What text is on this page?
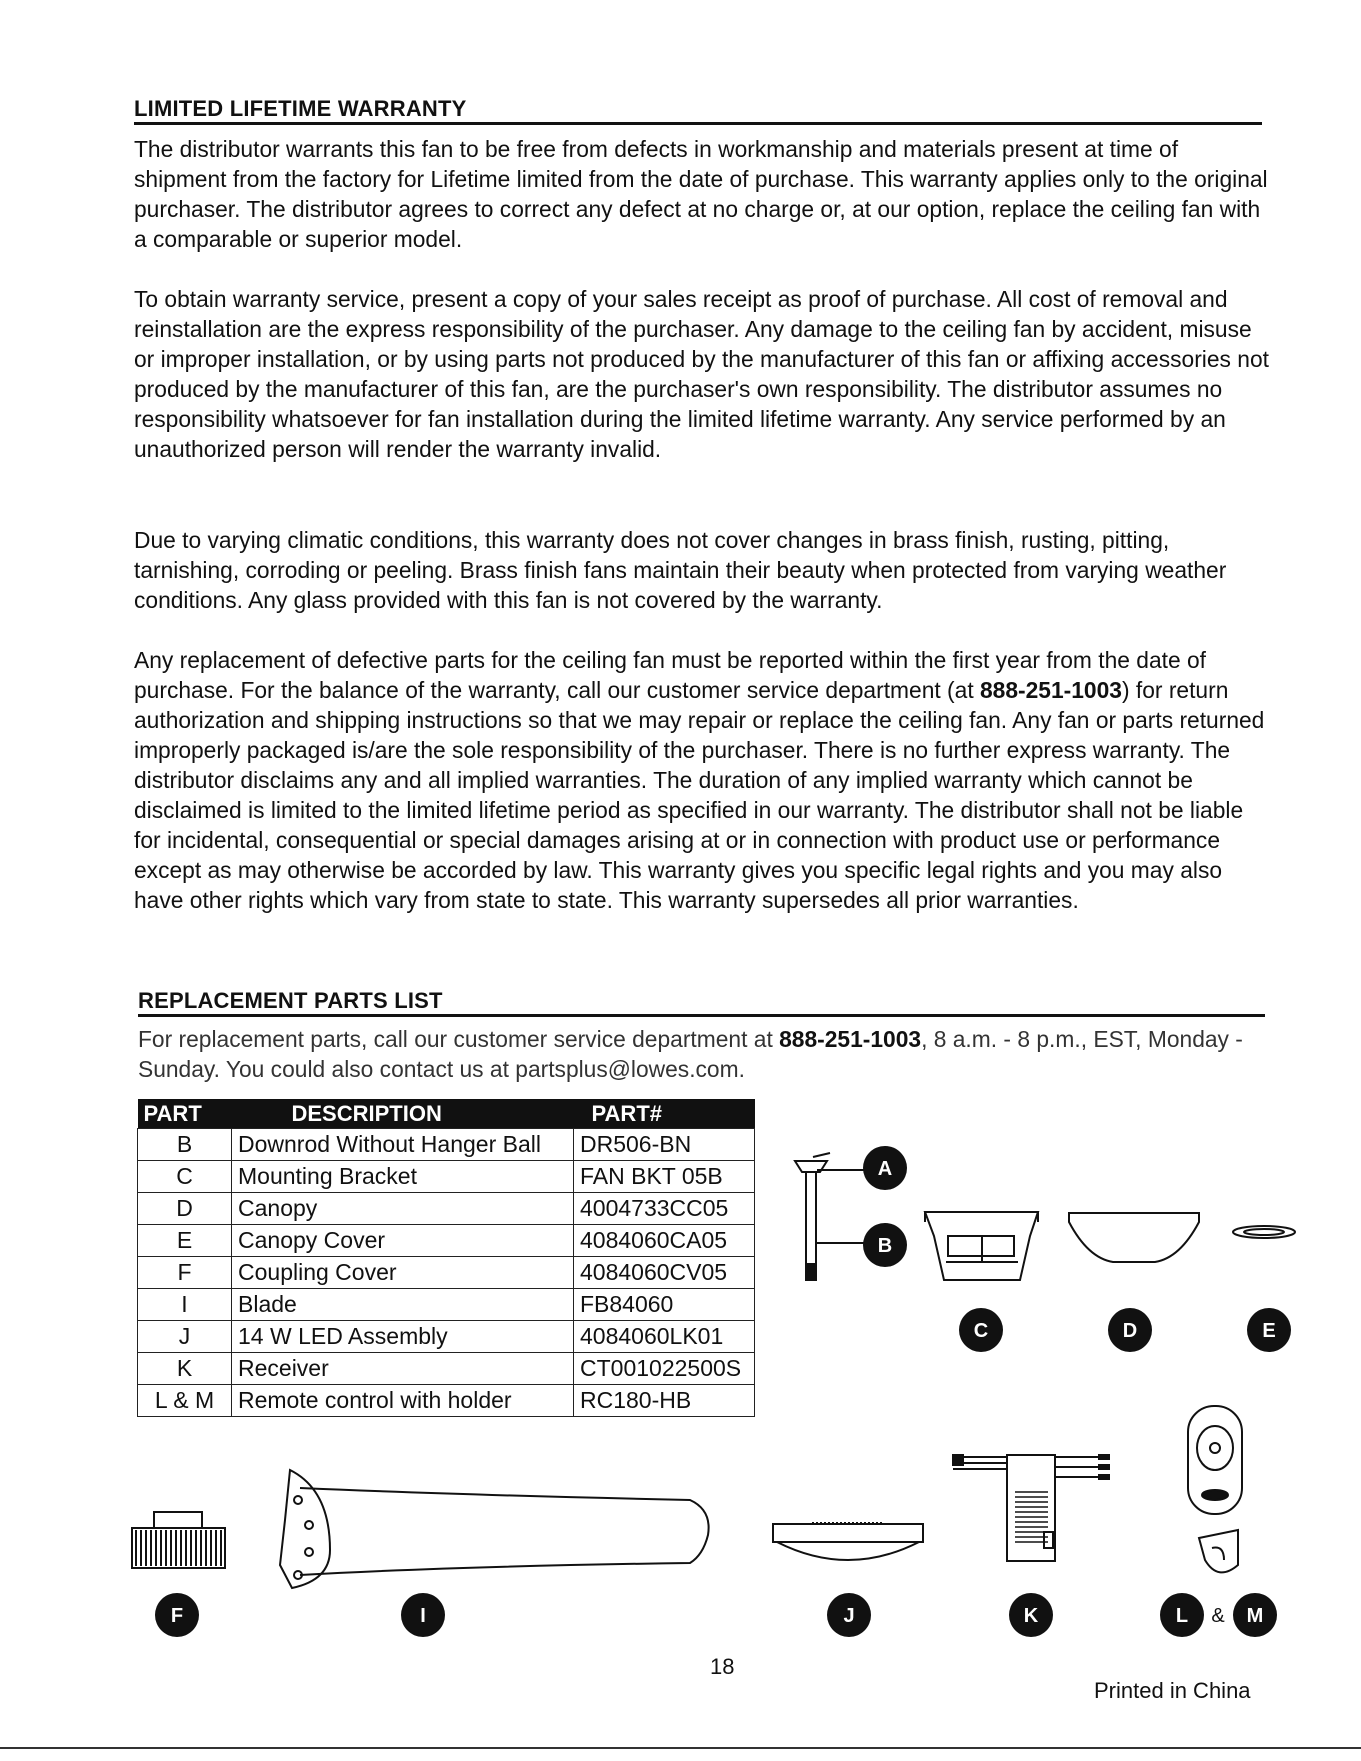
LIMITED LIFETIME WARRANTY

The distributor warrants this fan to be free from defects in workmanship and materials present at time of shipment from the factory for Lifetime limited from the date of purchase. This warranty applies only to the original purchaser. The distributor agrees to correct any defect at no charge or, at our option, replace the ceiling fan with a comparable or superior model.

To obtain warranty service, present a copy of your sales receipt as proof of purchase. All cost of removal and reinstallation are the express responsibility of the purchaser. Any damage to the ceiling fan by accident, misuse or improper installation, or by using parts not produced by the manufacturer of this fan or affixing accessories not produced by the manufacturer of this fan, are the purchaser's own responsibility. The distributor assumes no responsibility whatsoever for fan installation during the limited lifetime warranty. Any service performed by an unauthorized person will render the warranty invalid.

Due to varying climatic conditions, this warranty does not cover changes in brass finish, rusting, pitting, tarnishing, corroding or peeling. Brass finish fans maintain their beauty when protected from varying weather conditions. Any glass provided with this fan is not covered by the warranty.

Any replacement of defective parts for the ceiling fan must be reported within the first year from the date of purchase. For the balance of the warranty, call our customer service department (at 888-251-1003) for return authorization and shipping instructions so that we may repair or replace the ceiling fan. Any fan or parts returned improperly packaged is/are the sole responsibility of the purchaser. There is no further express warranty. The distributor disclaims any and all implied warranties. The duration of any implied warranty which cannot be disclaimed is limited to the limited lifetime period as specified in our warranty. The distributor shall not be liable for incidental, consequential or special damages arising at or in connection with product use or performance except as may otherwise be accorded by law. This warranty gives you specific legal rights and you may also have other rights which vary from state to state. This warranty supersedes all prior warranties.

REPLACEMENT PARTS LIST

For replacement parts, call our customer service department at 888-251-1003, 8 a.m. - 8 p.m., EST, Monday - Sunday. You could also contact us at partsplus@lowes.com.

PART	DESCRIPTION	PART#
B	Downrod Without Hanger Ball	DR506-BN
C	Mounting Bracket	FAN BKT 05B
D	Canopy	4004733CC05
E	Canopy Cover	4084060CA05
F	Coupling Cover	4084060CV05
I	Blade	FB84060
J	14 W LED Assembly	4084060LK01
K	Receiver	CT001022500S
L & M	Remote control with holder	RC180-HB
A
B
C	D	E
F	I	J	K	L & M
18
Printed in China
